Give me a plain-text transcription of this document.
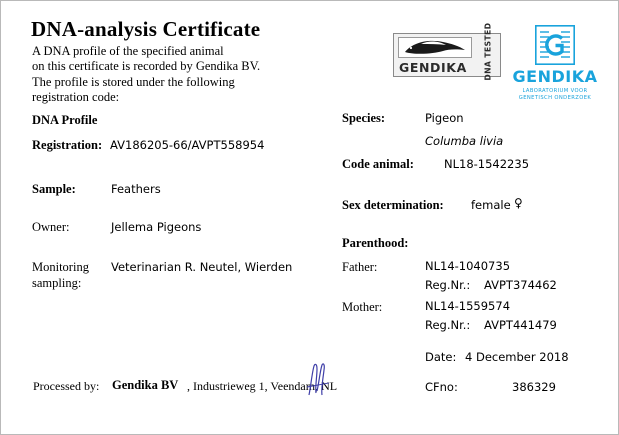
DNA-analysis Certificate
A DNA profile of the specified animal
on this certificate is recorded by Gendika BV.
The profile is stored under the following
registration code:
GENDIKA DNA TESTED GENDIKA
LABORATORIUM VOOR
GENETISCH ONDERZOEK
DNA Profile
Registration: AV186205-66/AVPT558954
Sample:	Feathers
Owner:	Jellema Pigeons
Monitoring
sampling:
Veterinarian R. Neutel, Wierden
Species:	Pigeon
Columba livia
Code animal:	NL18-1542235
Sex determination: female ♀
Parenthood:
Father:	NL14-1040735
Reg.Nr.: AVPT374462
Mother:	NL14-1559574
Reg.Nr.: AVPT441479
Date: 4 December 2018
CFno:	386329
Processed by: Gendika BV , Industrieweg 1, Veendam, NL
